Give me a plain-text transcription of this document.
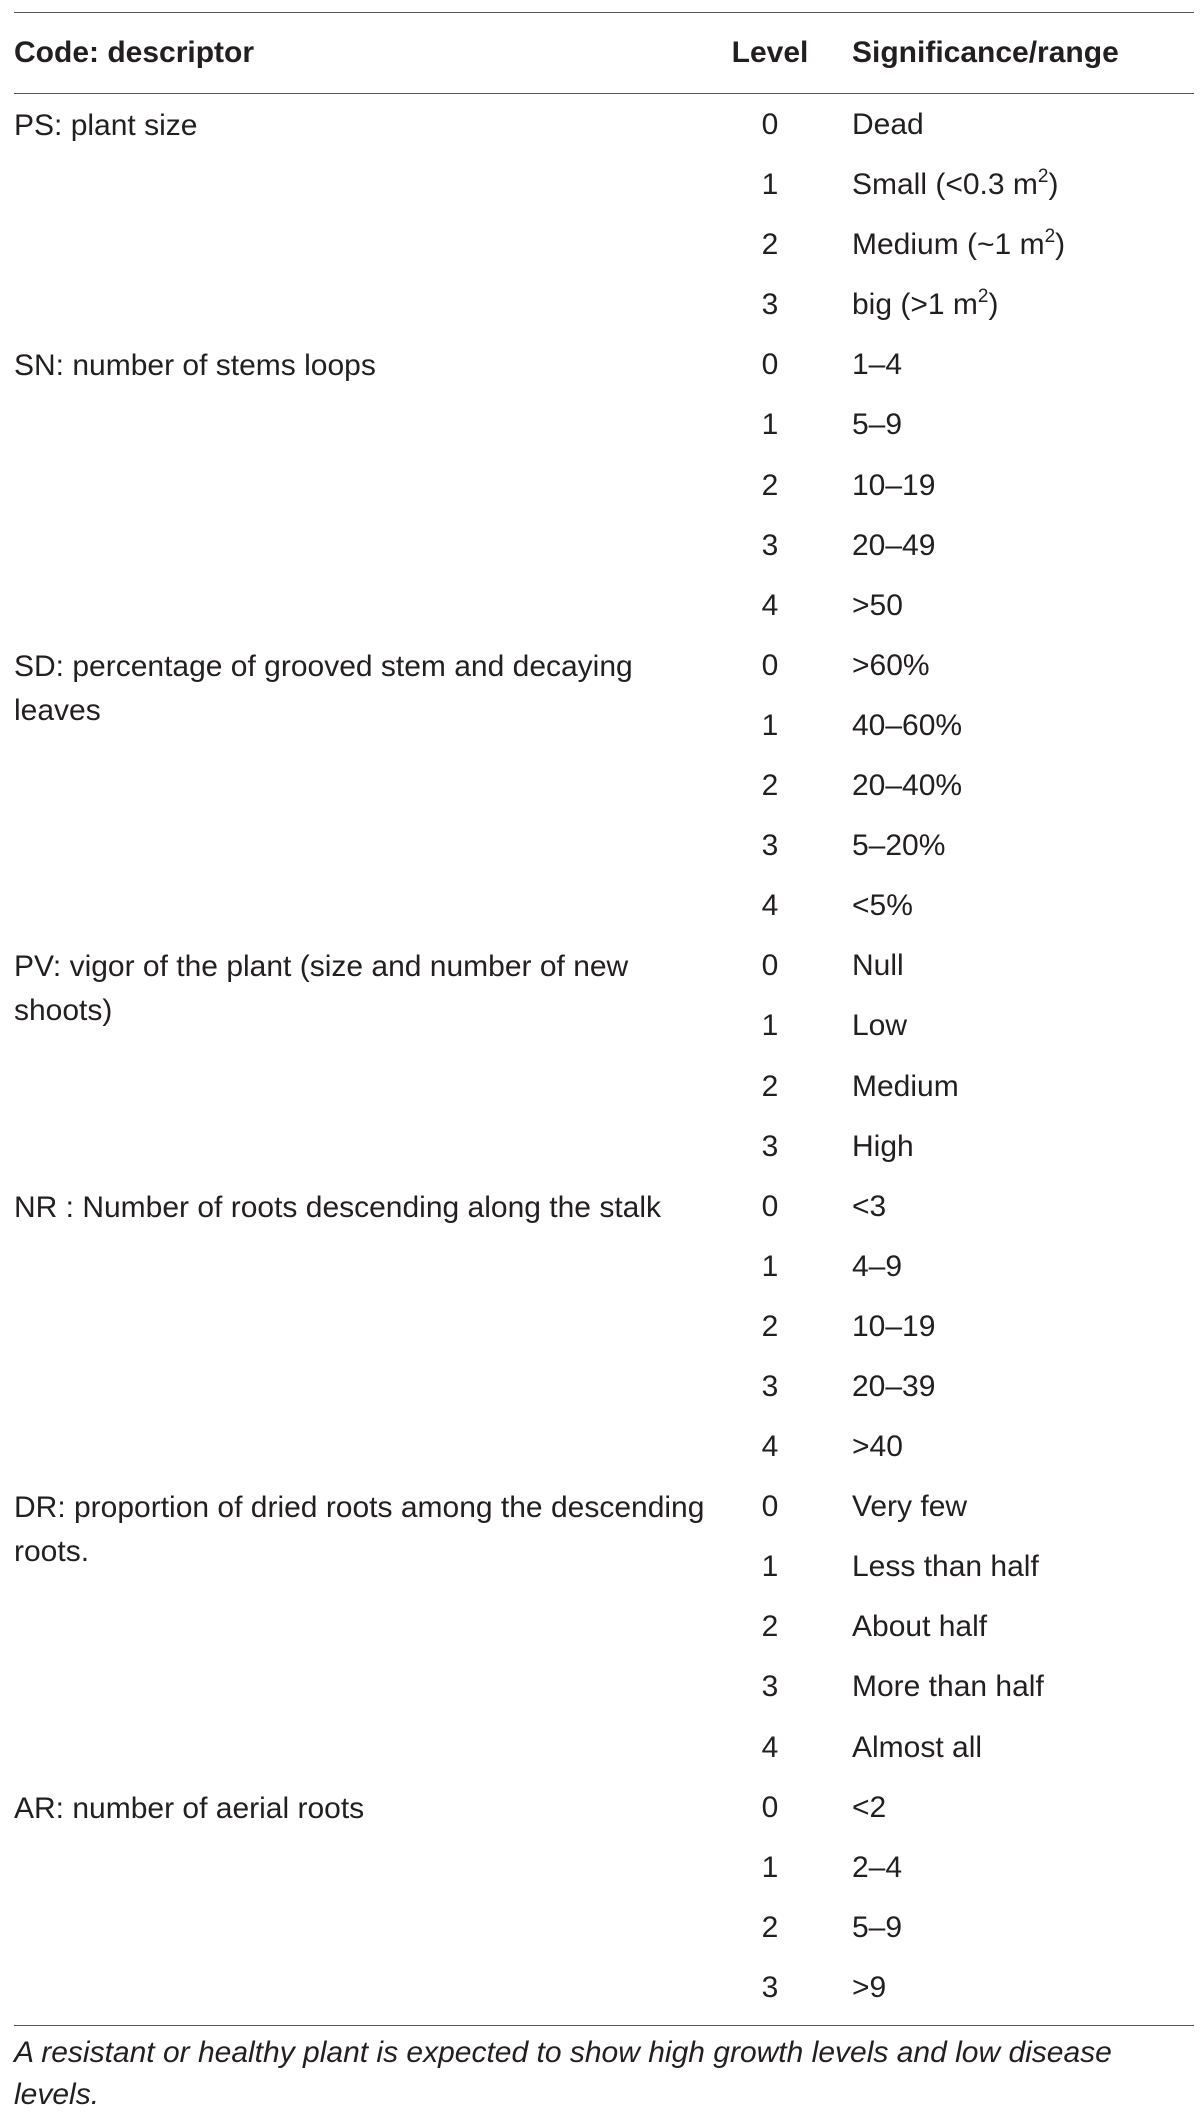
Code: descriptor	Level	Significance/range
PS: plant size	0	Dead
	1	Small (<0.3 $m^2$)
	2	Medium (~1 $m^2$)
	3	big (>1 $m^2$)
SN: number of stems loops	0	1–4
	1	5–9
	2	10–19
	3	20–49
	4	>50
SD: percentage of grooved stem and decaying leaves	0	>60%
	1	40–60%
	2	20–40%
	3	5–20%
	4	<5%
PV: vigor of the plant (size and number of new shoots)	0	Null
	1	Low
	2	Medium
	3	High
NR : Number of roots descending along the stalk	0	<3
	1	4–9
	2	10–19
	3	20–39
	4	>40
DR: proportion of dried roots among the descending roots.	0	Very few
	1	Less than half
	2	About half
	3	More than half
	4	Almost all
AR: number of aerial roots	0	<2
	1	2–4
	2	5–9
	3	>9
A resistant or healthy plant is expected to show high growth levels and low disease levels.
